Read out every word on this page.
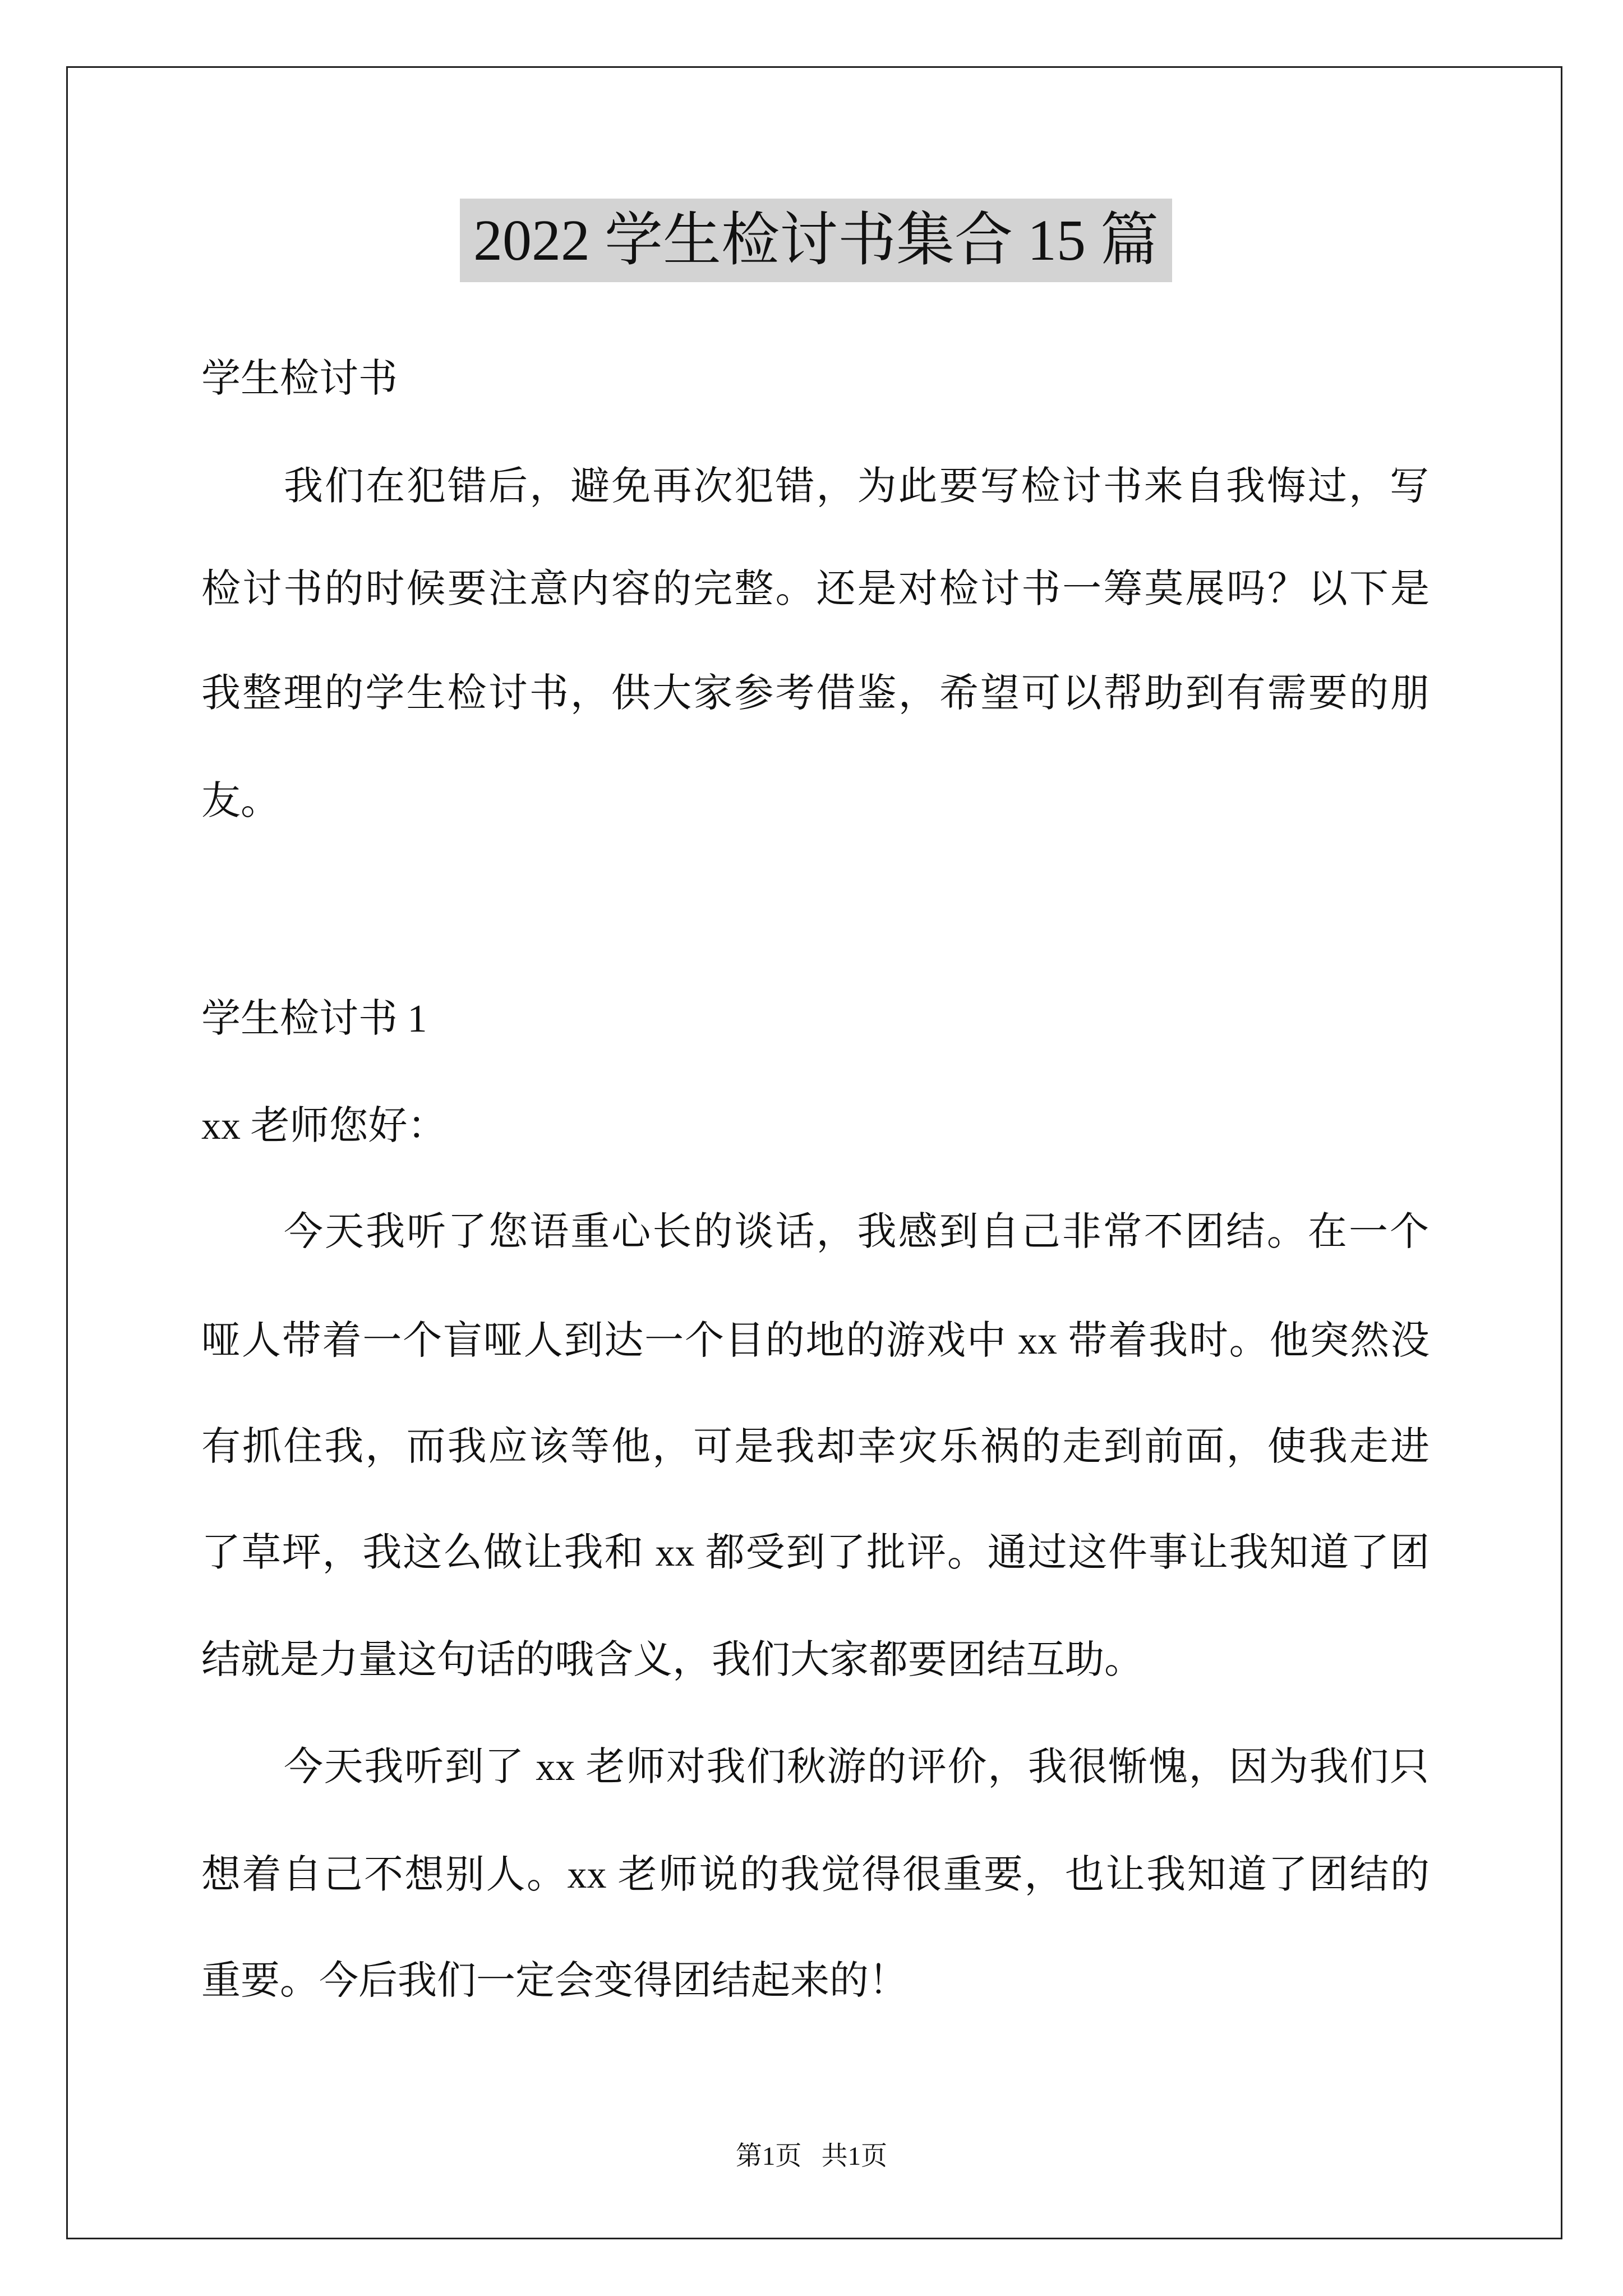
2022 学生检讨书集合 15 篇
学生检讨书
我们在犯错后，避免再次犯错，为此要写检讨书来自我悔过，写
检讨书的时候要注意内容的完整。还是对检讨书一筹莫展吗？以下是
我整理的学生检讨书，供大家参考借鉴，希望可以帮助到有需要的朋
友。
学生检讨书 1
xx 老师您好：
今天我听了您语重心长的谈话，我感到自己非常不团结。在一个
哑人带着一个盲哑人到达一个目的地的游戏中 xx 带着我时。他突然没
有抓住我，而我应该等他，可是我却幸灾乐祸的走到前面，使我走进
了草坪，我这么做让我和 xx 都受到了批评。通过这件事让我知道了团
结就是力量这句话的哦含义，我们大家都要团结互助。
今天我听到了 xx 老师对我们秋游的评价，我很惭愧，因为我们只
想着自己不想别人。xx 老师说的我觉得很重要，也让我知道了团结的
重要。今后我们一定会变得团结起来的！
第1页   共1页
